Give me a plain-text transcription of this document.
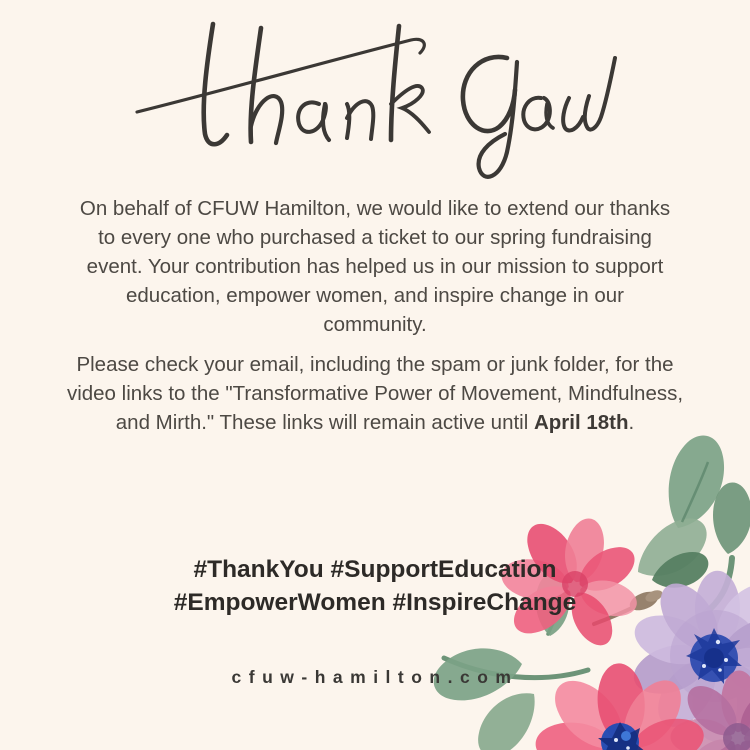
On behalf of CFUW Hamilton, we would like to extend our thanks to every one who purchased a ticket to our spring fundraising event. Your contribution has helped us in our mission to support education, empower women, and inspire change in our community.

Please check your email, including the spam or junk folder, for the video links to the "Transformative Power of Movement, Mindfulness, and Mirth." These links will remain active until April 18th.

#ThankYou #SupportEducation #EmpowerWomen #InspireChange

cfuw-hamilton.com
